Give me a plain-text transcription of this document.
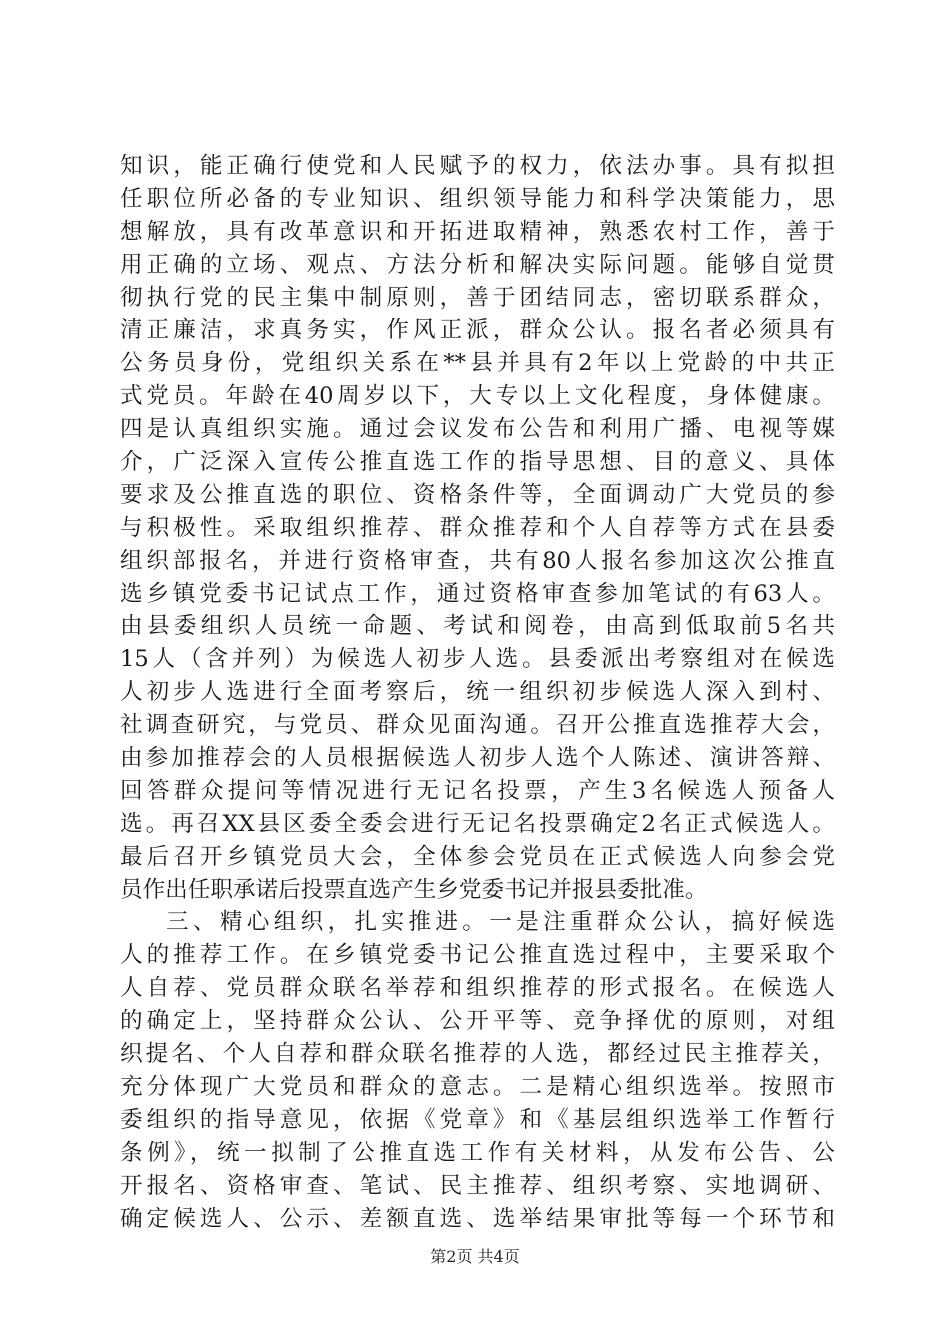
知识，能正确行使党和人民赋予的权力，依法办事。具有拟担
任职位所必备的专业知识、组织领导能力和科学决策能力，思
想解放，具有改革意识和开拓进取精神，熟悉农村工作，善于
用正确的立场、观点、方法分析和解决实际问题。能够自觉贯
彻执行党的民主集中制原则，善于团结同志，密切联系群众，
清正廉洁，求真务实，作风正派，群众公认。报名者必须具有
公务员身份，党组织关系在**县并具有2年以上党龄的中共正
式党员。年龄在40周岁以下，大专以上文化程度，身体健康。
四是认真组织实施。通过会议发布公告和利用广播、电视等媒
介，广泛深入宣传公推直选工作的指导思想、目的意义、具体
要求及公推直选的职位、资格条件等，全面调动广大党员的参
与积极性。采取组织推荐、群众推荐和个人自荐等方式在县委
组织部报名，并进行资格审查，共有80人报名参加这次公推直
选乡镇党委书记试点工作，通过资格审查参加笔试的有63人。
由县委组织人员统一命题、考试和阅卷，由高到低取前5名共
15人（含并列）为候选人初步人选。县委派出考察组对在候选
人初步人选进行全面考察后，统一组织初步候选人深入到村、
社调查研究，与党员、群众见面沟通。召开公推直选推荐大会，
由参加推荐会的人员根据候选人初步人选个人陈述、演讲答辩、
回答群众提问等情况进行无记名投票，产生3名候选人预备人
选。再召XX县区委全委会进行无记名投票确定2名正式候选人。
最后召开乡镇党员大会，全体参会党员在正式候选人向参会党
员作出任职承诺后投票直选产生乡党委书记并报县委批准。
三、精心组织，扎实推进。一是注重群众公认，搞好候选
人的推荐工作。在乡镇党委书记公推直选过程中，主要采取个
人自荐、党员群众联名举荐和组织推荐的形式报名。在候选人
的确定上，坚持群众公认、公开平等、竞争择优的原则，对组
织提名、个人自荐和群众联名推荐的人选，都经过民主推荐关，
充分体现广大党员和群众的意志。二是精心组织选举。按照市
委组织的指导意见，依据《党章》和《基层组织选举工作暂行
条例》，统一拟制了公推直选工作有关材料，从发布公告、公
开报名、资格审查、笔试、民主推荐、组织考察、实地调研、
确定候选人、公示、差额直选、选举结果审批等每一个环节和
第2页 共4页
